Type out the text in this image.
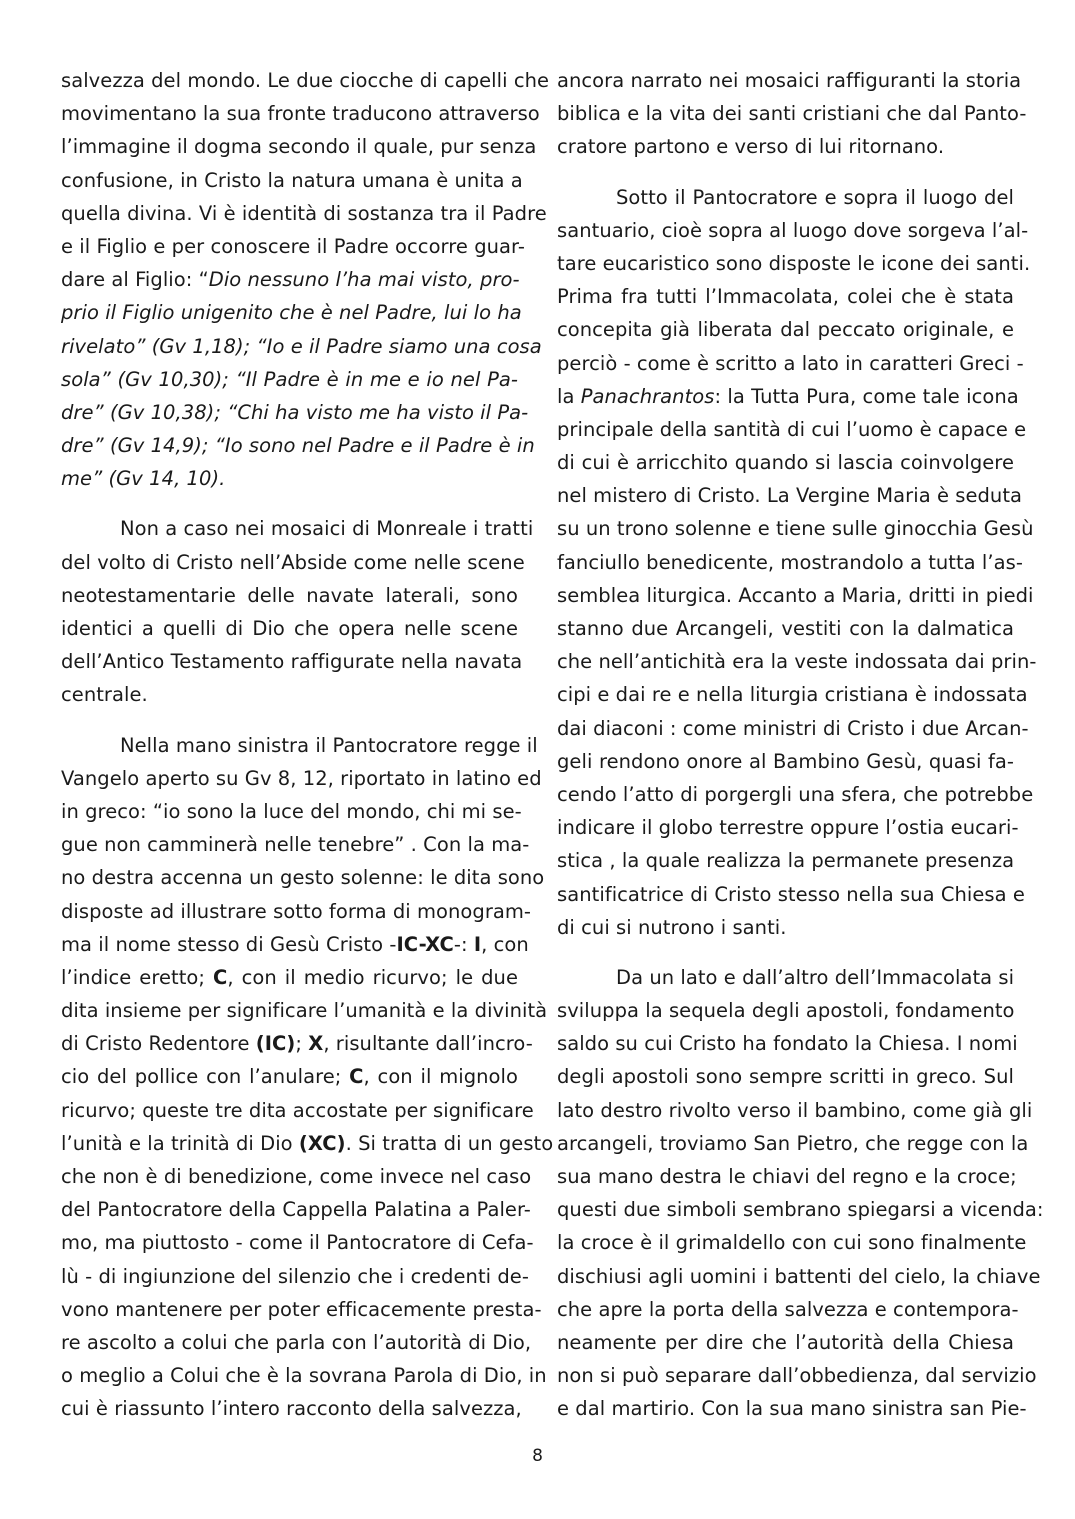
salvezza del mondo. Le due ciocche di capelli che
movimentano la sua fronte traducono attraverso
l’immagine il dogma secondo il quale, pur senza
confusione, in Cristo la natura umana è unita a
quella divina. Vi è identità di sostanza tra il Padre
e il Figlio e per conoscere il Padre occorre guar-
dare al Figlio: “Dio nessuno l’ha mai visto, pro-
prio il Figlio unigenito che è nel Padre, lui lo ha
rivelato” (Gv 1,18); “Io e il Padre siamo una cosa
sola” (Gv 10,30); “Il Padre è in me e io nel Pa-
dre” (Gv 10,38); “Chi ha visto me ha visto il Pa-
dre” (Gv 14,9); “Io sono nel Padre e il Padre è in
me” (Gv 14, 10).
Non a caso nei mosaici di Monreale i tratti
del volto di Cristo nell’Abside come nelle scene
neotestamentarie delle navate laterali, sono
identici a quelli di Dio che opera nelle scene
dell’Antico Testamento raffigurate nella navata
centrale.
Nella mano sinistra il Pantocratore regge il
Vangelo aperto su Gv 8, 12, riportato in latino ed
in greco: “io sono la luce del mondo, chi mi se-
gue non camminerà nelle tenebre” . Con la ma-
no destra accenna un gesto solenne: le dita sono
disposte ad illustrare sotto forma di monogram-
ma il nome stesso di Gesù Cristo -IC-XC-: I, con
l’indice eretto; C, con il medio ricurvo; le due
dita insieme per significare l’umanità e la divinità
di Cristo Redentore (IC); X, risultante dall’incro-
cio del pollice con l’anulare; C, con il mignolo
ricurvo; queste tre dita accostate per significare
l’unità e la trinità di Dio (XC). Si tratta di un gesto
che non è di benedizione, come invece nel caso
del Pantocratore della Cappella Palatina a Paler-
mo, ma piuttosto - come il Pantocratore di Cefa-
lù - di ingiunzione del silenzio che i credenti de-
vono mantenere per poter efficacemente presta-
re ascolto a colui che parla con l’autorità di Dio,
o meglio a Colui che è la sovrana Parola di Dio, in
cui è riassunto l’intero racconto della salvezza,
ancora narrato nei mosaici raffiguranti la storia
biblica e la vita dei santi cristiani che dal Panto-
cratore partono e verso di lui ritornano.
Sotto il Pantocratore e sopra il luogo del
santuario, cioè sopra al luogo dove sorgeva l’al-
tare eucaristico sono disposte le icone dei santi.
Prima fra tutti l’Immacolata, colei che è stata
concepita già liberata dal peccato originale, e
perciò - come è scritto a lato in caratteri Greci -
la Panachrantos: la Tutta Pura, come tale icona
principale della santità di cui l’uomo è capace e
di cui è arricchito quando si lascia coinvolgere
nel mistero di Cristo. La Vergine Maria è seduta
su un trono solenne e tiene sulle ginocchia Gesù
fanciullo benedicente, mostrandolo a tutta l’as-
semblea liturgica. Accanto a Maria, dritti in piedi
stanno due Arcangeli, vestiti con la dalmatica
che nell’antichità era la veste indossata dai prin-
cipi e dai re e nella liturgia cristiana è indossata
dai diaconi : come ministri di Cristo i due Arcan-
geli rendono onore al Bambino Gesù, quasi fa-
cendo l’atto di porgergli una sfera, che potrebbe
indicare il globo terrestre oppure l’ostia eucari-
stica , la quale realizza la permanete presenza
santificatrice di Cristo stesso nella sua Chiesa e
di cui si nutrono i santi.
Da un lato e dall’altro dell’Immacolata si
sviluppa la sequela degli apostoli, fondamento
saldo su cui Cristo ha fondato la Chiesa. I nomi
degli apostoli sono sempre scritti in greco. Sul
lato destro rivolto verso il bambino, come già gli
arcangeli, troviamo San Pietro, che regge con la
sua mano destra le chiavi del regno e la croce;
questi due simboli sembrano spiegarsi a vicenda:
la croce è il grimaldello con cui sono finalmente
dischiusi agli uomini i battenti del cielo, la chiave
che apre la porta della salvezza e contempora-
neamente per dire che l’autorità della Chiesa
non si può separare dall’obbedienza, dal servizio
e dal martirio. Con la sua mano sinistra san Pie-
8
